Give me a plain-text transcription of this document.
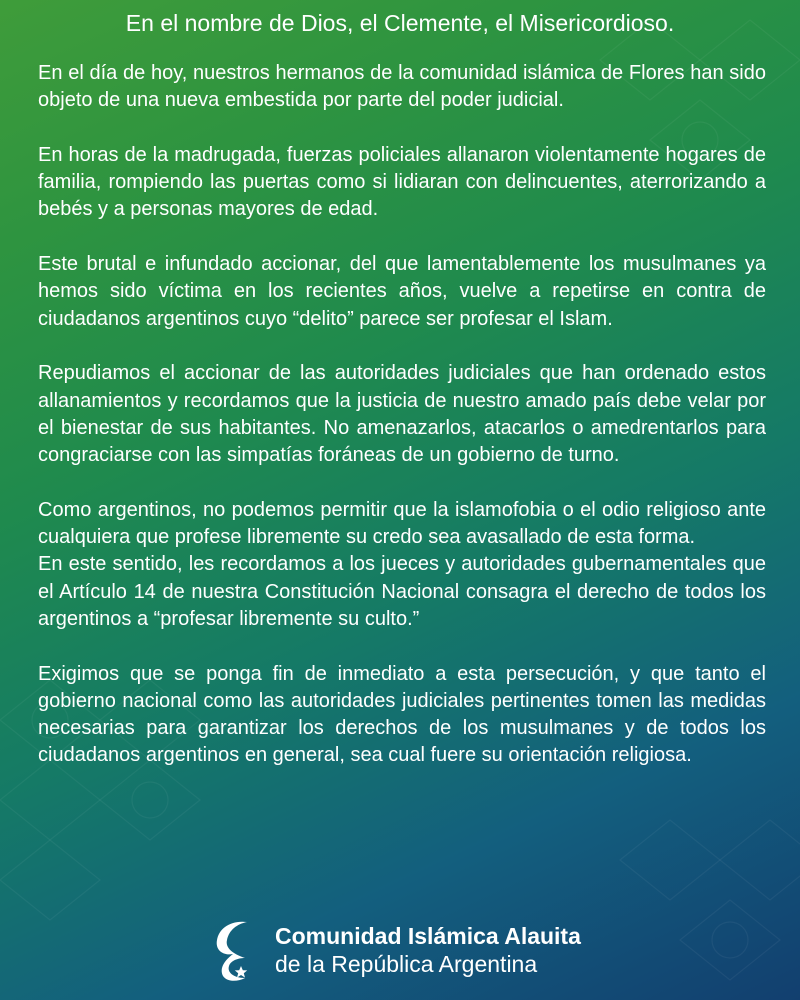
En el nombre de Dios, el Clemente, el Misericordioso.

En el día de hoy, nuestros hermanos de la comunidad islámica de Flores han sido objeto de una nueva embestida por parte del poder judicial.

En horas de la madrugada, fuerzas policiales allanaron violentamente hogares de familia, rompiendo las puertas como si lidiaran con delincuentes, aterrorizando a bebés y a personas mayores de edad.

Este brutal e infundado accionar, del que lamentablemente los musulmanes ya hemos sido víctima en los recientes años, vuelve a repetirse en contra de ciudadanos argentinos cuyo “delito” parece ser profesar el Islam.

Repudiamos el accionar de las autoridades judiciales que han ordenado estos allanamientos y recordamos que la justicia de nuestro amado país debe velar por el bienestar de sus habitantes. No amenazarlos, atacarlos o amedrentarlos para congraciarse con las simpatías foráneas de un gobierno de turno.

Como argentinos, no podemos permitir que la islamofobia o el odio religioso ante cualquiera que profese libremente su credo sea avasallado de esta forma.

En este sentido, les recordamos a los jueces y autoridades gubernamentales que el Artículo 14 de nuestra Constitución Nacional consagra el derecho de todos los argentinos a “profesar libremente su culto.”

Exigimos que se ponga fin de inmediato a esta persecución, y que tanto el gobierno nacional como las autoridades judiciales pertinentes tomen las medidas necesarias para garantizar los derechos de los musulmanes y de todos los ciudadanos argentinos en general, sea cual fuere su orientación religiosa.

Comunidad Islámica Alauita
de la República Argentina
